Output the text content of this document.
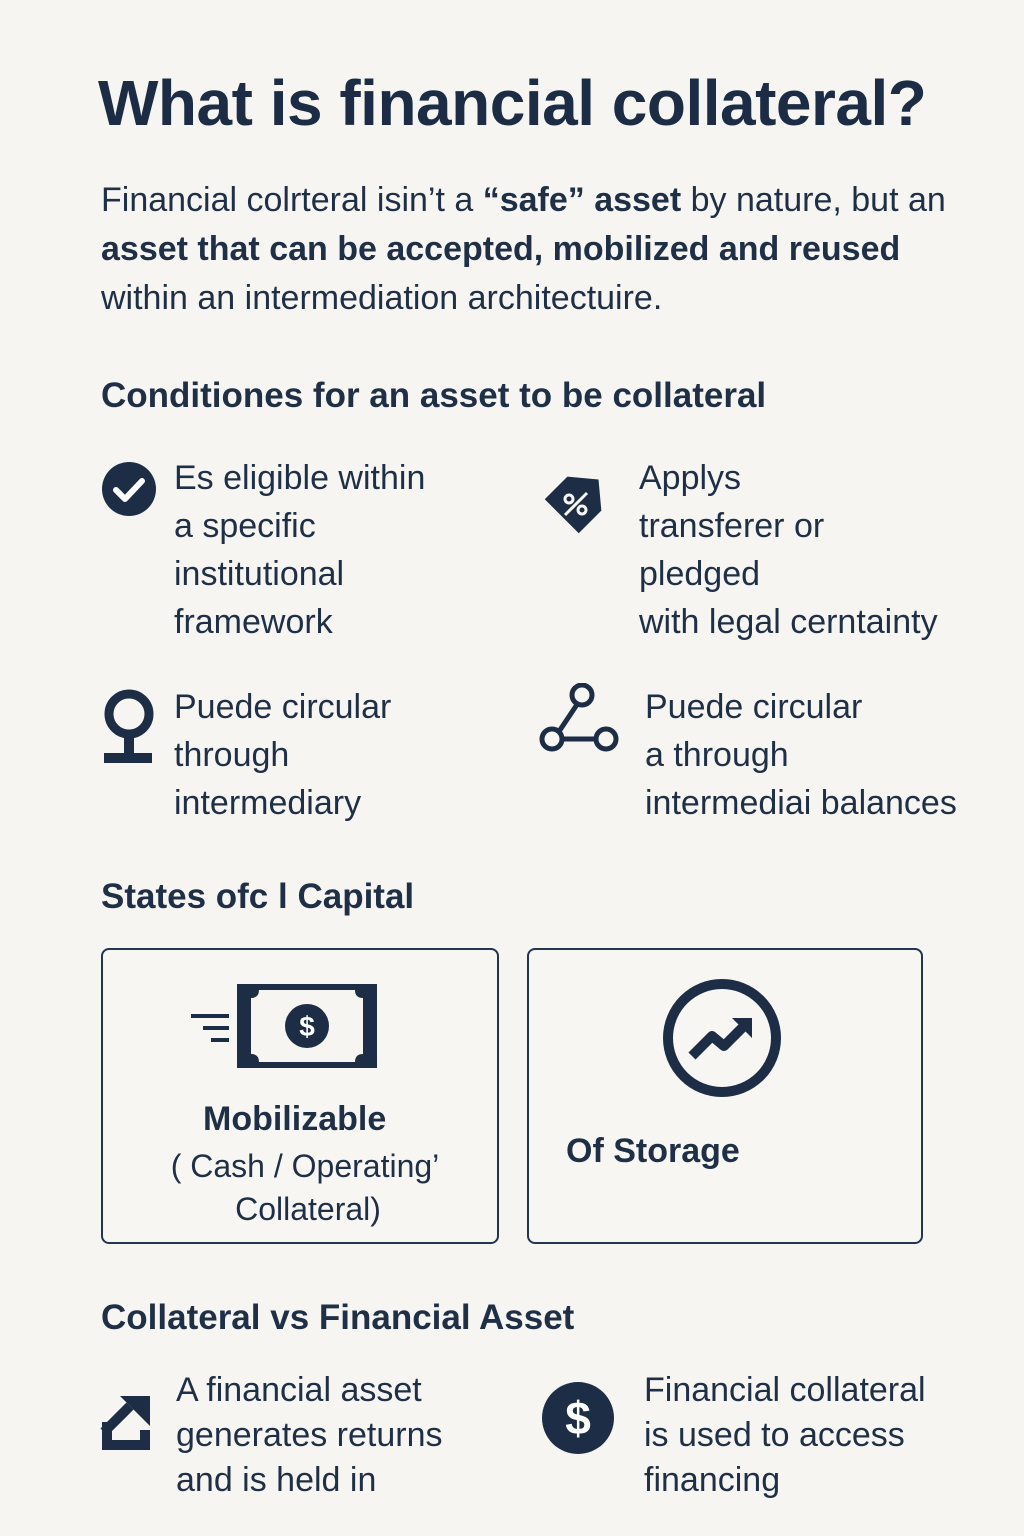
What is financial collateral?
Financial colrteral isin’t a “safe” asset by nature, but an asset that can be accepted, mobilized and reused within an intermediation architectuire.
Conditiones for an asset to be collateral
Es eligible within
a specific
institutional
framework
Applys
transferer or
pledged
with legal cerntainty
Puede circular
through
intermediary
Puede circular
a through
intermediai balances
States ofc l Capital
$
Mobilizable
( Cash / Operating’
Collateral)
Of Storage
Collateral vs Financial Asset
A financial asset
generates returns
and is held in
$
Financial collateral
is used to access
financing
